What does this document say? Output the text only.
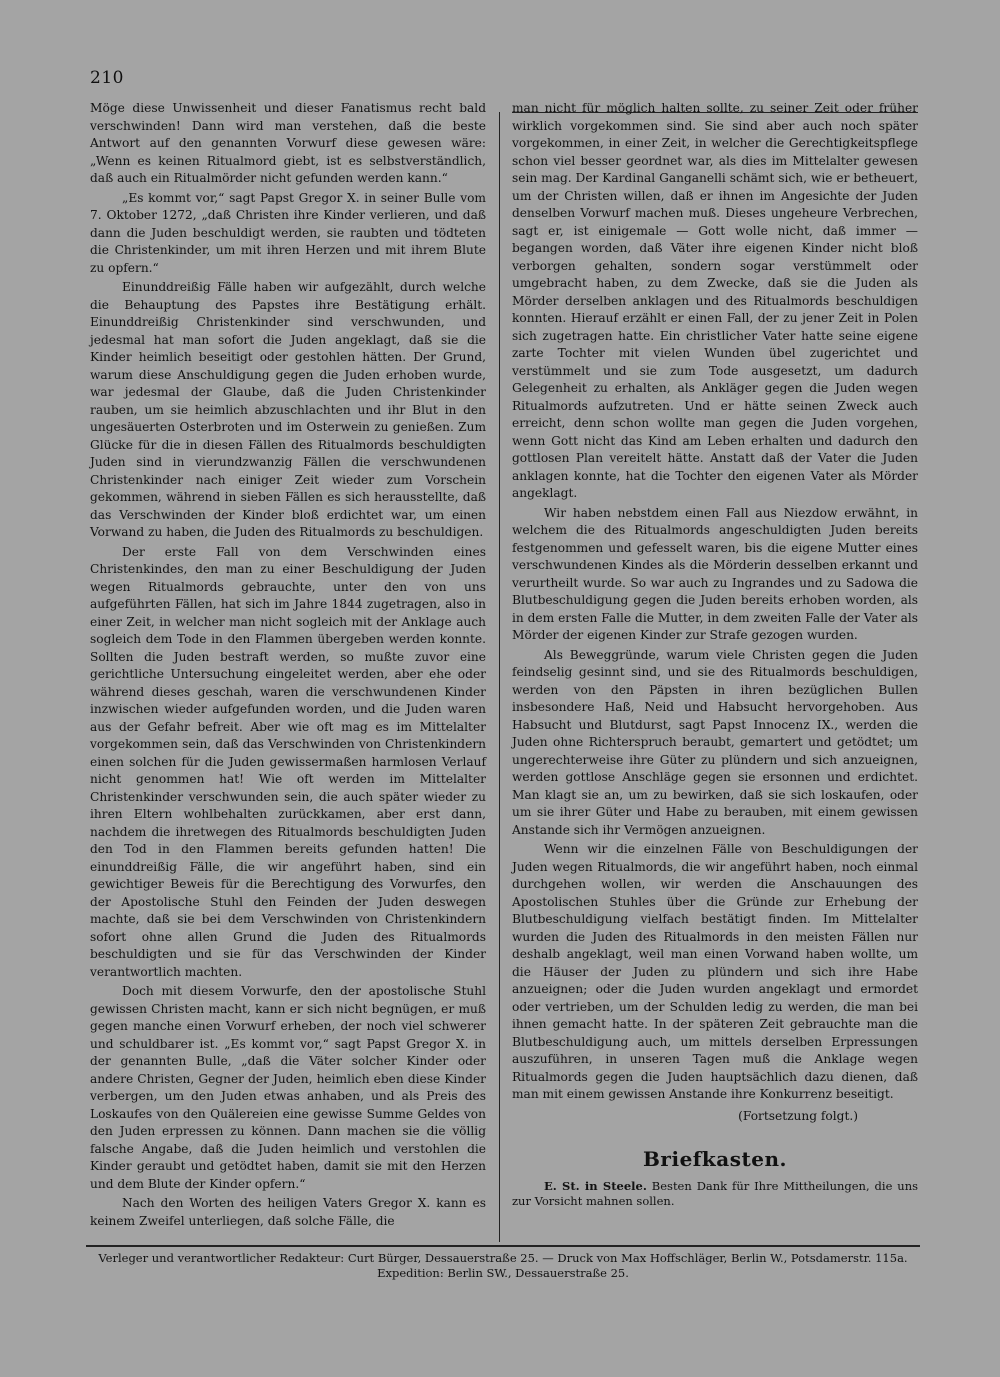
210

Möge diese Unwissenheit und dieser Fanatismus recht bald verschwinden! Dann wird man verstehen, daß die beste Antwort auf den genannten Vorwurf diese gewesen wäre: „Wenn es keinen Ritualmord giebt, ist es selbstverständlich, daß auch ein Ritualmörder nicht gefunden werden kann.“

„Es kommt vor,“ sagt Papst Gregor X. in seiner Bulle vom 7. Oktober 1272, „daß Christen ihre Kinder verlieren, und daß dann die Juden beschuldigt werden, sie raubten und tödteten die Christenkinder, um mit ihren Herzen und mit ihrem Blute zu opfern.“

Einunddreißig Fälle haben wir aufgezählt, durch welche die Behauptung des Papstes ihre Bestätigung erhält. Einunddreißig Christenkinder sind verschwunden, und jedesmal hat man sofort die Juden angeklagt, daß sie die Kinder heimlich beseitigt oder gestohlen hätten. Der Grund, warum diese Anschuldigung gegen die Juden erhoben wurde, war jedesmal der Glaube, daß die Juden Christenkinder rauben, um sie heimlich abzuschlachten und ihr Blut in den ungesäuerten Osterbroten und im Osterwein zu genießen. Zum Glücke für die in diesen Fällen des Ritualmords beschuldigten Juden sind in vierundzwanzig Fällen die verschwundenen Christenkinder nach einiger Zeit wieder zum Vorschein gekommen, während in sieben Fällen es sich herausstellte, daß das Verschwinden der Kinder bloß erdichtet war, um einen Vorwand zu haben, die Juden des Ritualmords zu beschuldigen.

Der erste Fall von dem Verschwinden eines Christenkindes, den man zu einer Beschuldigung der Juden wegen Ritualmords gebrauchte, unter den von uns aufgeführten Fällen, hat sich im Jahre 1844 zugetragen, also in einer Zeit, in welcher man nicht sogleich mit der Anklage auch sogleich dem Tode in den Flammen übergeben werden konnte. Sollten die Juden bestraft werden, so mußte zuvor eine gerichtliche Untersuchung eingeleitet werden, aber ehe oder während dieses geschah, waren die verschwundenen Kinder inzwischen wieder aufgefunden worden, und die Juden waren aus der Gefahr befreit. Aber wie oft mag es im Mittelalter vorgekommen sein, daß das Verschwinden von Christenkindern einen solchen für die Juden gewissermaßen harmlosen Verlauf nicht genommen hat! Wie oft werden im Mittelalter Christenkinder verschwunden sein, die auch später wieder zu ihren Eltern wohlbehalten zurückkamen, aber erst dann, nachdem die ihretwegen des Ritualmords beschuldigten Juden den Tod in den Flammen bereits gefunden hatten! Die einunddreißig Fälle, die wir angeführt haben, sind ein gewichtiger Beweis für die Berechtigung des Vorwurfes, den der Apostolische Stuhl den Feinden der Juden deswegen machte, daß sie bei dem Verschwinden von Christenkindern sofort ohne allen Grund die Juden des Ritualmords beschuldigten und sie für das Verschwinden der Kinder verantwortlich machten.

Doch mit diesem Vorwurfe, den der apostolische Stuhl gewissen Christen macht, kann er sich nicht begnügen, er muß gegen manche einen Vorwurf erheben, der noch viel schwerer und schuldbarer ist. „Es kommt vor,“ sagt Papst Gregor X. in der genannten Bulle, „daß die Väter solcher Kinder oder andere Christen, Gegner der Juden, heimlich eben diese Kinder verbergen, um den Juden etwas anhaben, und als Preis des Loskaufes von den Quälereien eine gewisse Summe Geldes von den Juden erpressen zu können. Dann machen sie die völlig falsche Angabe, daß die Juden heimlich und verstohlen die Kinder geraubt und getödtet haben, damit sie mit den Herzen und dem Blute der Kinder opfern.“

Nach den Worten des heiligen Vaters Gregor X. kann es keinem Zweifel unterliegen, daß solche Fälle, die

man nicht für möglich halten sollte, zu seiner Zeit oder früher wirklich vorgekommen sind. Sie sind aber auch noch später vorgekommen, in einer Zeit, in welcher die Gerechtigkeitspflege schon viel besser geordnet war, als dies im Mittelalter gewesen sein mag. Der Kardinal Ganganelli schämt sich, wie er betheuert, um der Christen willen, daß er ihnen im Angesichte der Juden denselben Vorwurf machen muß. Dieses ungeheure Verbrechen, sagt er, ist einigemale — Gott wolle nicht, daß immer — begangen worden, daß Väter ihre eigenen Kinder nicht bloß verborgen gehalten, sondern sogar verstümmelt oder umgebracht haben, zu dem Zwecke, daß sie die Juden als Mörder derselben anklagen und des Ritualmords beschuldigen konnten. Hierauf erzählt er einen Fall, der zu jener Zeit in Polen sich zugetragen hatte. Ein christlicher Vater hatte seine eigene zarte Tochter mit vielen Wunden übel zugerichtet und verstümmelt und sie zum Tode ausgesetzt, um dadurch Gelegenheit zu erhalten, als Ankläger gegen die Juden wegen Ritualmords aufzutreten. Und er hätte seinen Zweck auch erreicht, denn schon wollte man gegen die Juden vorgehen, wenn Gott nicht das Kind am Leben erhalten und dadurch den gottlosen Plan vereitelt hätte. Anstatt daß der Vater die Juden anklagen konnte, hat die Tochter den eigenen Vater als Mörder angeklagt.

Wir haben nebstdem einen Fall aus Niezdow erwähnt, in welchem die des Ritualmords angeschuldigten Juden bereits festgenommen und gefesselt waren, bis die eigene Mutter eines verschwundenen Kindes als die Mörderin desselben erkannt und verurtheilt wurde. So war auch zu Ingrandes und zu Sadowa die Blutbeschuldigung gegen die Juden bereits erhoben worden, als in dem ersten Falle die Mutter, in dem zweiten Falle der Vater als Mörder der eigenen Kinder zur Strafe gezogen wurden.

Als Beweggründe, warum viele Christen gegen die Juden feindselig gesinnt sind, und sie des Ritualmords beschuldigen, werden von den Päpsten in ihren bezüglichen Bullen insbesondere Haß, Neid und Habsucht hervorgehoben. Aus Habsucht und Blutdurst, sagt Papst Innocenz IX., werden die Juden ohne Richterspruch beraubt, gemartert und getödtet; um ungerechterweise ihre Güter zu plündern und sich anzueignen, werden gottlose Anschläge gegen sie ersonnen und erdichtet. Man klagt sie an, um zu bewirken, daß sie sich loskaufen, oder um sie ihrer Güter und Habe zu berauben, mit einem gewissen Anstande sich ihr Vermögen anzueignen.

Wenn wir die einzelnen Fälle von Beschuldigungen der Juden wegen Ritualmords, die wir angeführt haben, noch einmal durchgehen wollen, wir werden die Anschauungen des Apostolischen Stuhles über die Gründe zur Erhebung der Blutbeschuldigung vielfach bestätigt finden. Im Mittelalter wurden die Juden des Ritualmords in den meisten Fällen nur deshalb angeklagt, weil man einen Vorwand haben wollte, um die Häuser der Juden zu plündern und sich ihre Habe anzueignen; oder die Juden wurden angeklagt und ermordet oder vertrieben, um der Schulden ledig zu werden, die man bei ihnen gemacht hatte. In der späteren Zeit gebrauchte man die Blutbeschuldigung auch, um mittels derselben Erpressungen auszuführen, in unseren Tagen muß die Anklage wegen Ritualmords gegen die Juden hauptsächlich dazu dienen, daß man mit einem gewissen Anstande ihre Konkurrenz beseitigt.

(Fortsetzung folgt.)
Briefkasten.
E. St. in Steele. Besten Dank für Ihre Mittheilungen, die uns zur Vorsicht mahnen sollen.
Verleger und verantwortlicher Redakteur: Curt Bürger, Dessauerstraße 25. — Druck von Max Hoffschläger, Berlin W., Potsdamerstr. 115a.
Expedition: Berlin SW., Dessauerstraße 25.
